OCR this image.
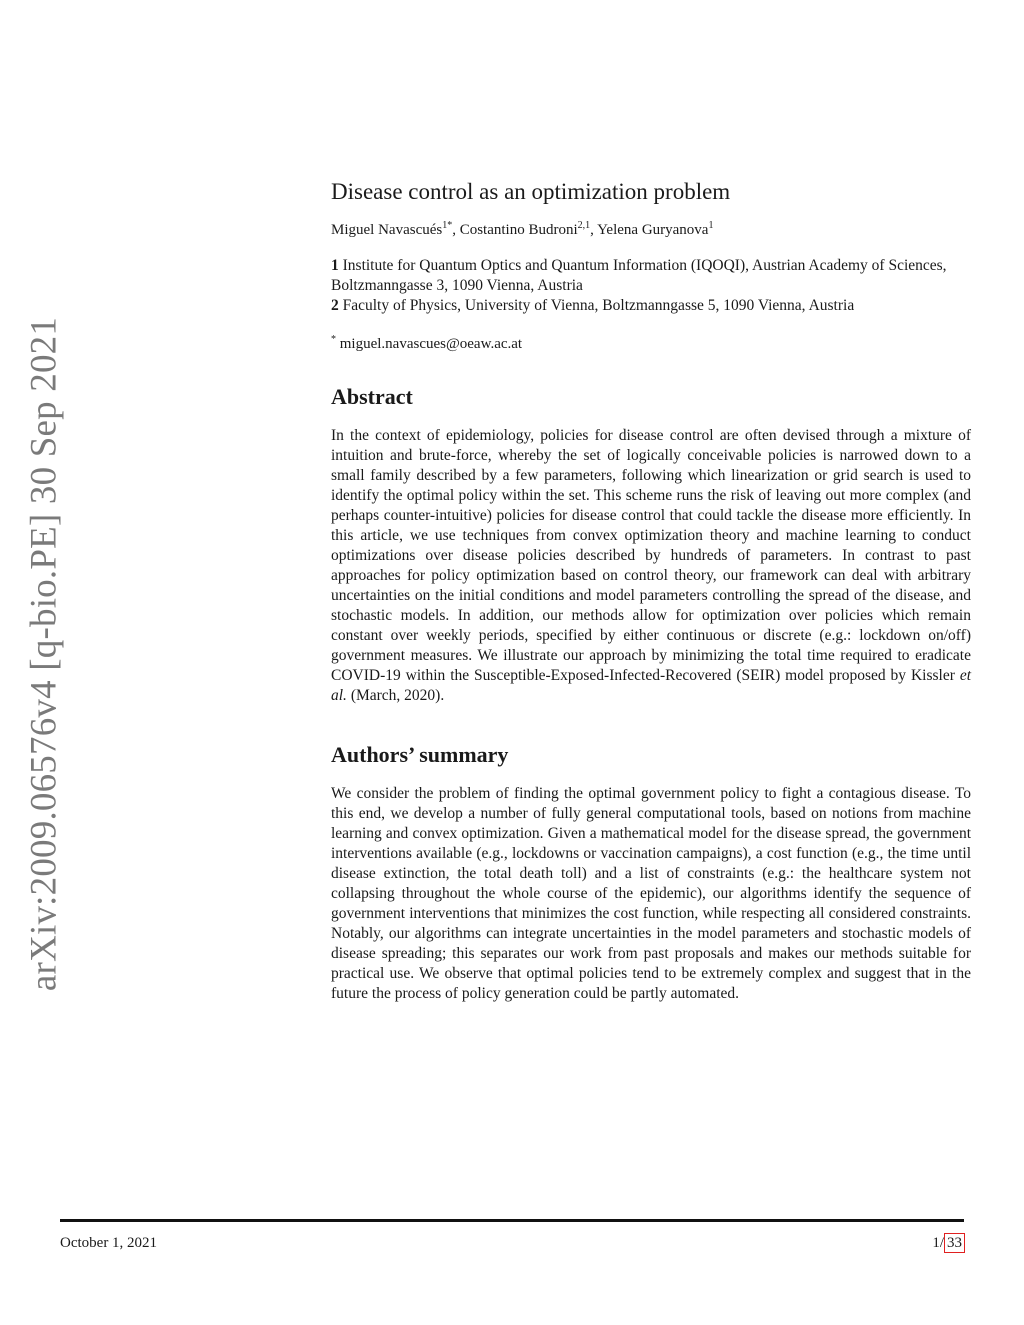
arXiv:2009.06576v4 [q-bio.PE] 30 Sep 2021
Disease control as an optimization problem
Miguel Navascués$^{1*}$, Costantino Budroni$^{2,1}$, Yelena Guryanova$^1$
1 Institute for Quantum Optics and Quantum Information (IQOQI), Austrian Academy of Sciences, Boltzmanngasse 3, 1090 Vienna, Austria
2 Faculty of Physics, University of Vienna, Boltzmanngasse 5, 1090 Vienna, Austria
* miguel.navascues@oeaw.ac.at
Abstract
In the context of epidemiology, policies for disease control are often devised through a mixture of intuition and brute-force, whereby the set of logically conceivable policies is narrowed down to a small family described by a few parameters, following which linearization or grid search is used to identify the optimal policy within the set. This scheme runs the risk of leaving out more complex (and perhaps counter-intuitive) policies for disease control that could tackle the disease more efficiently. In this article, we use techniques from convex optimization theory and machine learning to conduct optimizations over disease policies described by hundreds of parameters. In contrast to past approaches for policy optimization based on control theory, our framework can deal with arbitrary uncertainties on the initial conditions and model parameters controlling the spread of the disease, and stochastic models. In addition, our methods allow for optimization over policies which remain constant over weekly periods, specified by either continuous or discrete (e.g.: lockdown on/off) government measures. We illustrate our approach by minimizing the total time required to eradicate COVID-19 within the Susceptible-Exposed-Infected-Recovered (SEIR) model proposed by Kissler et al. (March, 2020).
Authors’ summary
We consider the problem of finding the optimal government policy to fight a contagious disease. To this end, we develop a number of fully general computational tools, based on notions from machine learning and convex optimization. Given a mathematical model for the disease spread, the government interventions available (e.g., lockdowns or vaccination campaigns), a cost function (e.g., the time until disease extinction, the total death toll) and a list of constraints (e.g.: the healthcare system not collapsing throughout the whole course of the epidemic), our algorithms identify the sequence of government interventions that minimizes the cost function, while respecting all considered constraints. Notably, our algorithms can integrate uncertainties in the model parameters and stochastic models of disease spreading; this separates our work from past proposals and makes our methods suitable for practical use. We observe that optimal policies tend to be extremely complex and suggest that in the future the process of policy generation could be partly automated.
October 1, 2021	1/ 33
